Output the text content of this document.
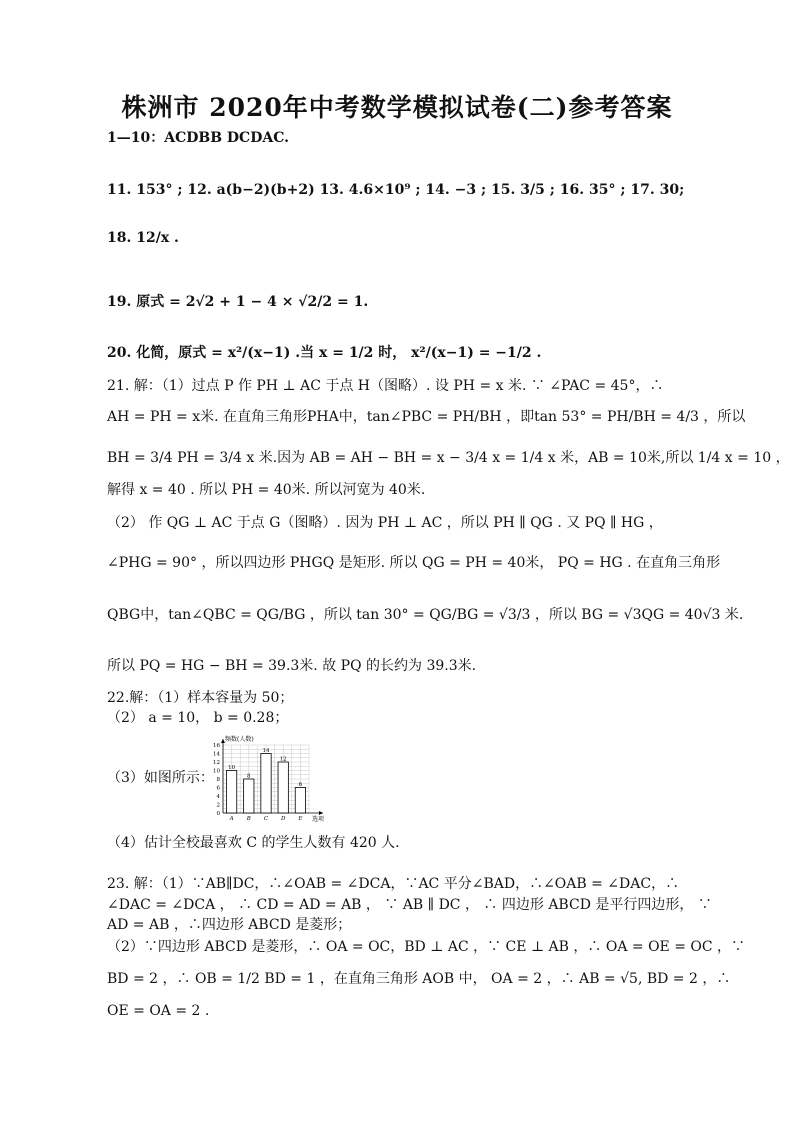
株洲市 2020年中考数学模拟试卷(二)参考答案
1—10：ACDBB DCDAC.
11. 153° ; 12. a(b−2)(b+2) 13. 4.6×10⁹ ; 14. −3 ; 15. 3/5 ; 16. 35° ; 17. 30;
18. 12/x .
19. 原式 = 2√2 + 1 − 4 × √2/2 = 1.
20. 化简，原式 = x²/(x−1) .当 x = 1/2 时， x²/(x−1) = −1/2 .
21. 解：（1）过点 P 作 PH ⊥ AC 于点 H（图略）. 设 PH = x 米. ∵ ∠PAC = 45°，∴
AH = PH = x米. 在直角三角形PHA中，tan∠PBC = PH/BH ，即tan 53° = PH/BH = 4/3 ，所以
BH = 3/4 PH = 3/4 x 米.因为 AB = AH − BH = x − 3/4 x = 1/4 x 米，AB = 10米,所以 1/4 x = 10 ，
解得 x = 40 . 所以 PH = 40米. 所以河宽为 40米.
（2） 作 QG ⊥ AC 于点 G（图略）. 因为 PH ⊥ AC ，所以 PH ∥ QG . 又 PQ ∥ HG ，
∠PHG = 90° ，所以四边形 PHGQ 是矩形. 所以 QG = PH = 40米， PQ = HG . 在直角三角形
QBG中，tan∠QBC = QG/BG ，所以 tan 30° = QG/BG = √3/3 ，所以 BG = √3QG = 40√3 米.
所以 PQ = HG − BH = 39.3米. 故 PQ 的长约为 39.3米.
22.解：（1）样本容量为 50；
（2） a = 10， b = 0.28；
（3）如图所示：
频数(人数)
选项
0
2
4
6
8
10
12
14
16
10
A
8
B
14
C
12
D
6
E
（4）估计全校最喜欢 C 的学生人数有 420 人.
23. 解：（1）∵AB∥DC，∴∠OAB = ∠DCA，∵AC 平分∠BAD，∴∠OAB = ∠DAC，∴
∠DAC = ∠DCA ， ∴ CD = AD = AB ， ∵ AB ∥ DC ， ∴ 四边形 ABCD 是平行四边形， ∵
AD = AB ，∴四边形 ABCD 是菱形；
（2）∵四边形 ABCD 是菱形，∴ OA = OC，BD ⊥ AC ，∵ CE ⊥ AB ，∴ OA = OE = OC ，∵
BD = 2 ，∴ OB = 1/2 BD = 1 ，在直角三角形 AOB 中， OA = 2 ，∴ AB = √5, BD = 2 ，∴
OE = OA = 2 .
